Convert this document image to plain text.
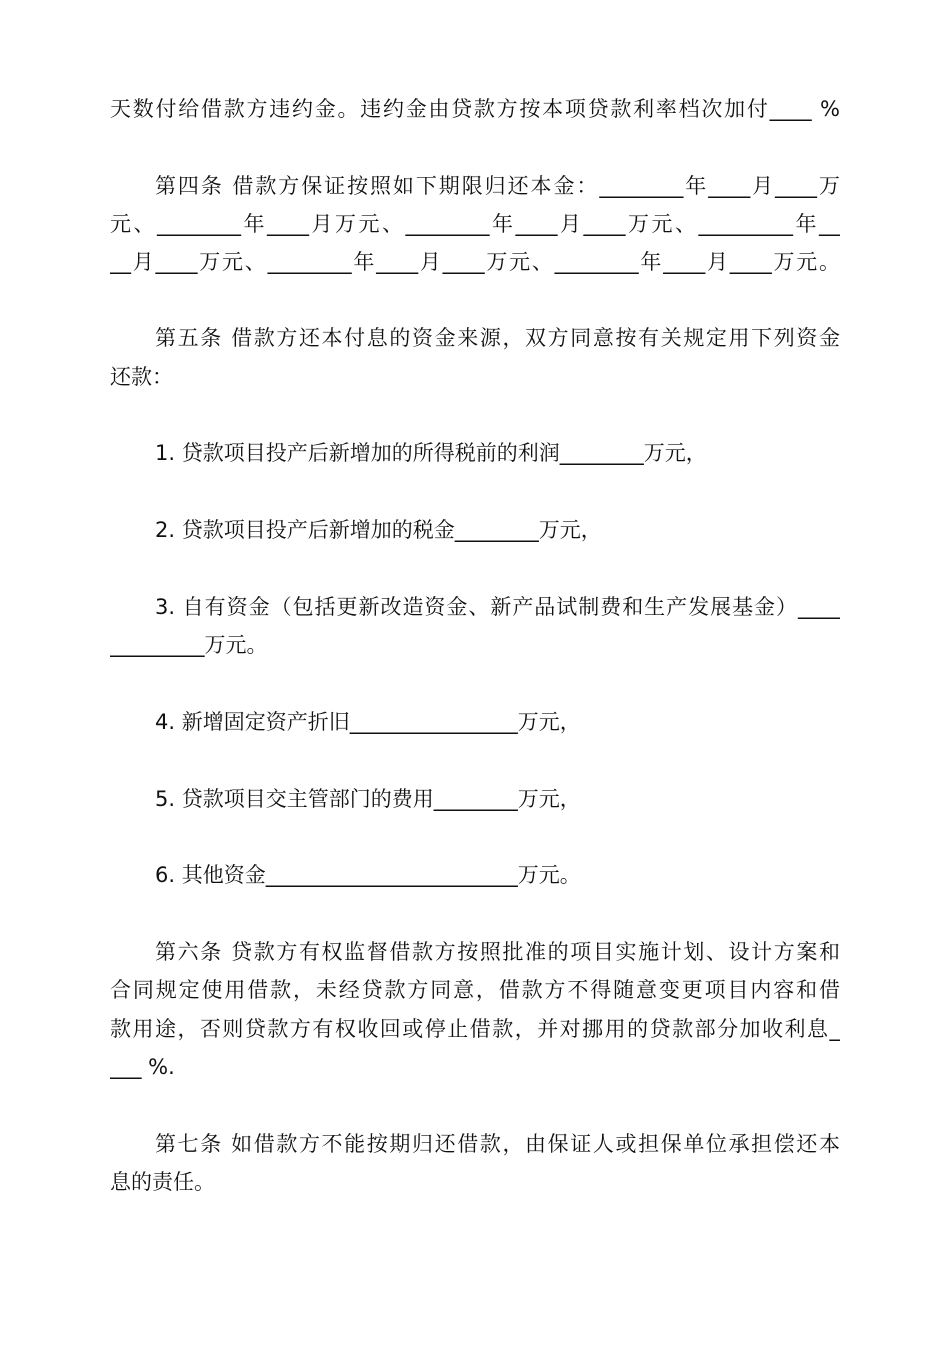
天数付给借款方违约金。违约金由贷款方按本项贷款利率档次加付____ %
第四条 借款方保证按照如下期限归还本金：________年____月____万
元、________年____月万元、________年____月____万元、_________年__
__月____万元、________年____月____万元、________年____月____万元。
第五条 借款方还本付息的资金来源，双方同意按有关规定用下列资金
还款：
1. 贷款项目投产后新增加的所得税前的利润________万元，
2. 贷款项目投产后新增加的税金________万元，
3. 自有资金（包括更新改造资金、新产品试制费和生产发展基金）____
_________万元。
4. 新增固定资产折旧________________万元，
5. 贷款项目交主管部门的费用________万元，
6. 其他资金________________________万元。
第六条 贷款方有权监督借款方按照批准的项目实施计划、设计方案和
合同规定使用借款，未经贷款方同意，借款方不得随意变更项目内容和借
款用途，否则贷款方有权收回或停止借款，并对挪用的贷款部分加收利息_
___ %.
第七条 如借款方不能按期归还借款，由保证人或担保单位承担偿还本
息的责任。
